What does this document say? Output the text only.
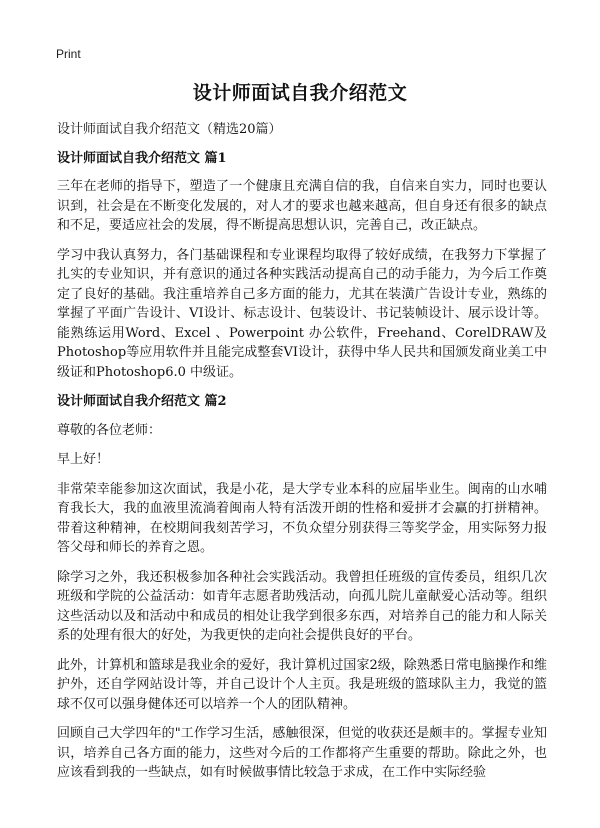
Print
设计师面试自我介绍范文
设计师面试自我介绍范文（精选20篇）
设计师面试自我介绍范文 篇1
三年在老师的指导下，塑造了一个健康且充满自信的我，自信来自实力，同时也要认识到，社会是在不断变化发展的，对人才的要求也越来越高，但自身还有很多的缺点和不足，要适应社会的发展，得不断提高思想认识，完善自己，改正缺点。
学习中我认真努力，各门基础课程和专业课程均取得了较好成绩，在我努力下掌握了扎实的专业知识，并有意识的通过各种实践活动提高自己的动手能力，为今后工作奠定了良好的基础。我注重培养自己多方面的能力，尤其在装潢广告设计专业，熟练的掌握了平面广告设计、VI设计、标志设计、包装设计、书记装帧设计、展示设计等。能熟练运用Word、Excel 、Powerpoint 办公软件，Freehand、CorelDRAW及Photoshop等应用软件并且能完成整套VI设计，获得中华人民共和国颁发商业美工中级证和Photoshop6.0 中级证。
设计师面试自我介绍范文 篇2
尊敬的各位老师：
早上好！
非常荣幸能参加这次面试，我是小花，是大学专业本科的应届毕业生。闽南的山水哺育我长大，我的血液里流淌着闽南人特有活泼开朗的性格和爱拼才会赢的打拼精神。带着这种精神，在校期间我刻苦学习，不负众望分别获得三等奖学金，用实际努力报答父母和师长的养育之恩。
除学习之外，我还积极参加各种社会实践活动。我曾担任班级的宣传委员，组织几次班级和学院的公益活动：如青年志愿者助残活动，向孤儿院儿童献爱心活动等。组织这些活动以及和活动中和成员的相处让我学到很多东西，对培养自己的能力和人际关系的处理有很大的好处，为我更快的走向社会提供良好的平台。
此外，计算机和篮球是我业余的爱好，我计算机过国家2级，除熟悉日常电脑操作和维护外，还自学网站设计等，并自己设计个人主页。我是班级的篮球队主力，我觉的篮球不仅可以强身健体还可以培养一个人的团队精神。
回顾自己大学四年的"工作学习生活，感触很深，但觉的收获还是颇丰的。掌握专业知识，培养自己各方面的能力，这些对今后的工作都将产生重要的帮助。除此之外，也应该看到我的一些缺点，如有时候做事情比较急于求成，在工作中实际经验
